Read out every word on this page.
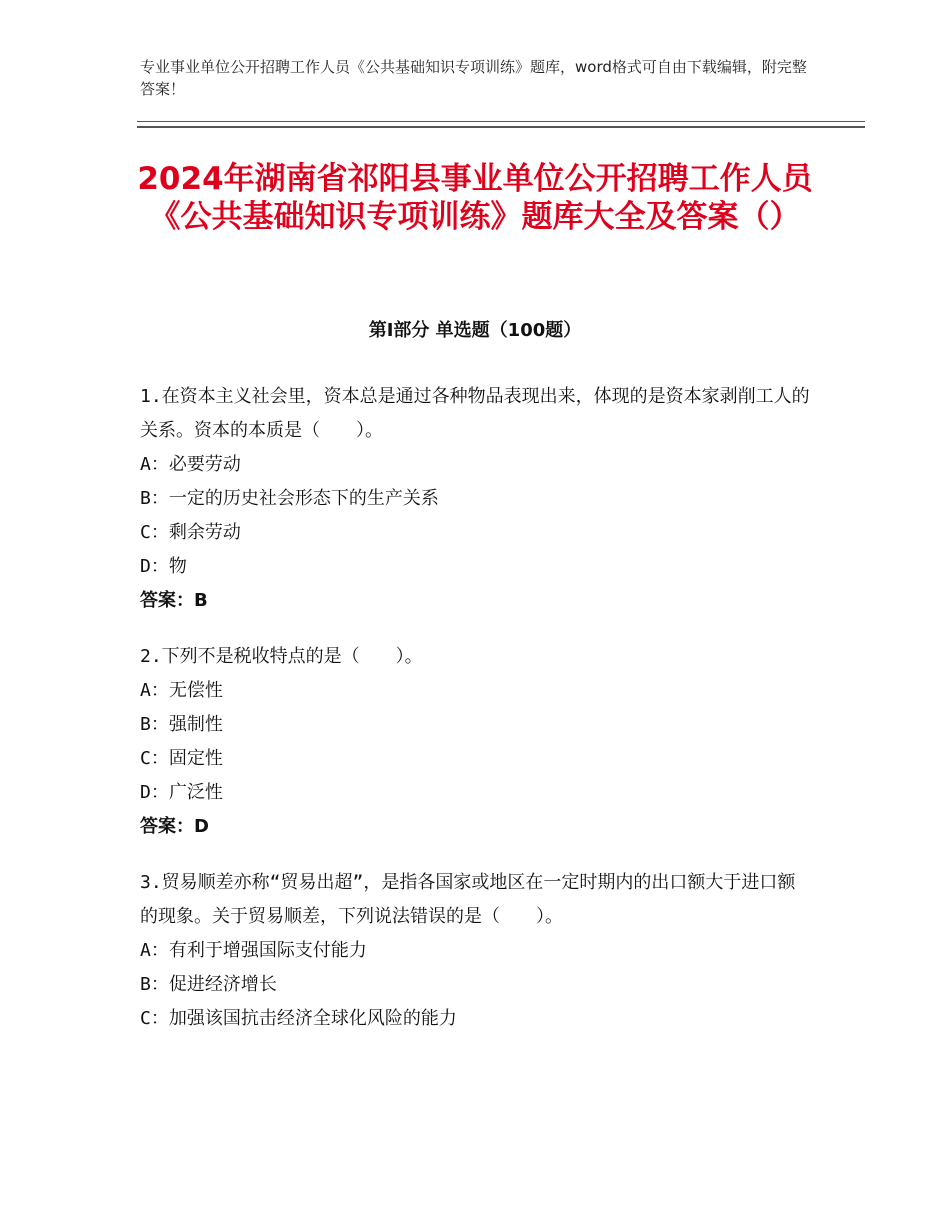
专业事业单位公开招聘工作人员《公共基础知识专项训练》题库，word格式可自由下载编辑，附完整答案！
2024年湖南省祁阳县事业单位公开招聘工作人员《公共基础知识专项训练》题库大全及答案（）
第Ⅰ部分 单选题（100题）

1.在资本主义社会里，资本总是通过各种物品表现出来，体现的是资本家剥削工人的关系。资本的本质是（　　）。

A：必要劳动

B：一定的历史社会形态下的生产关系

C：剩余劳动

D：物

答案：B

2.下列不是税收特点的是（　　）。

A：无偿性

B：强制性

C：固定性

D：广泛性

答案：D

3.贸易顺差亦称“贸易出超”，是指各国家或地区在一定时期内的出口额大于进口额的现象。关于贸易顺差，下列说法错误的是（　　）。

A：有利于增强国际支付能力

B：促进经济增长

C：加强该国抗击经济全球化风险的能力
